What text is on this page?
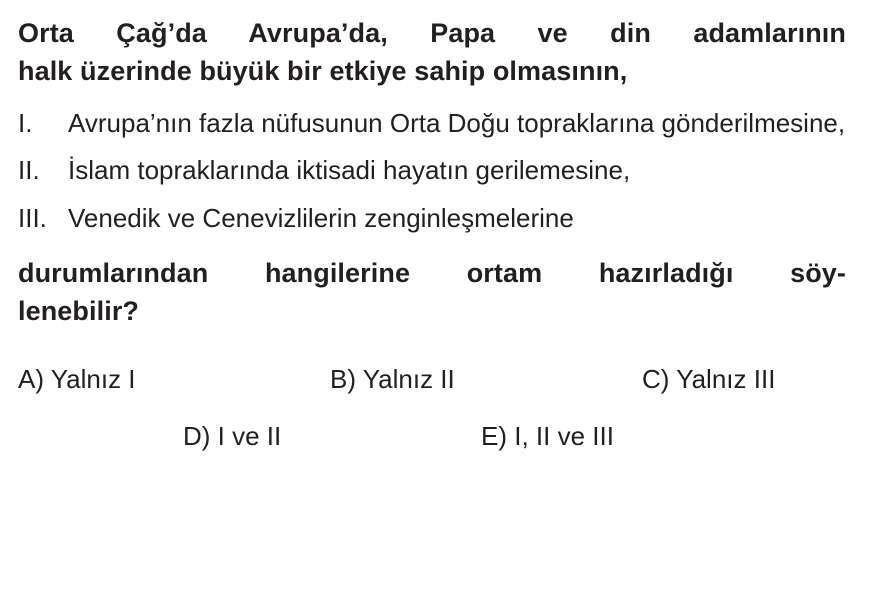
Orta Çağ’da Avrupa’da, Papa ve din adamlarının
halk üzerinde büyük bir etkiye sahip olmasının,
I.	Avrupa’nın fazla nüfusunun Orta Doğu topraklarına gönderilmesine,
II.	İslam topraklarında iktisadi hayatın gerilemesine,
III. Venedik ve Cenevizlilerin zenginleşmelerine
durumlarından hangilerine ortam hazırladığı söy-
lenebilir?
A) Yalnız I	B) Yalnız II	C) Yalnız III
D) I ve II	E) I, II ve III
